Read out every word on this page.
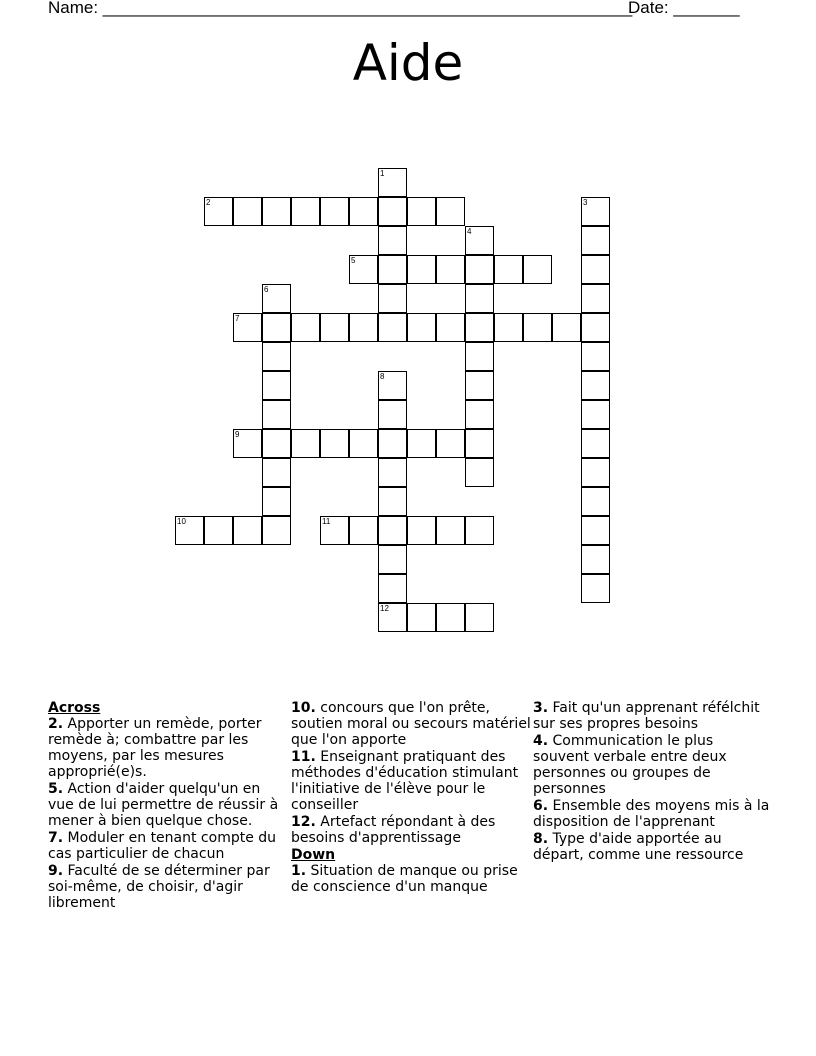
Name: ________________________________________________________
Date: _______
Aide
1
2	3
4
5
6
7
8
12
9
10	11
Across
2. Apporter un remède, porter remède à; combattre par les moyens, par les mesures approprié(e)s.
5. Action d'aider quelqu'un en vue de lui permettre de réussir à mener à bien quelque chose.
7. Moduler en tenant compte du cas particulier de chacun
9. Faculté de se déterminer par soi-même, de choisir, d'agir librement
10. concours que l'on prête, soutien moral ou secours matériel que l'on apporte
11. Enseignant pratiquant des méthodes d'éducation stimulant l'initiative de l'élève pour le conseiller
12. Artefact répondant à des besoins d'apprentissage
Down
1. Situation de manque ou prise de conscience d'un manque
3. Fait qu'un apprenant réfélchit sur ses propres besoins
4. Communication le plus souvent verbale entre deux personnes ou groupes de personnes
6. Ensemble des moyens mis à la disposition de l'apprenant
8. Type d'aide apportée au départ, comme une ressource
